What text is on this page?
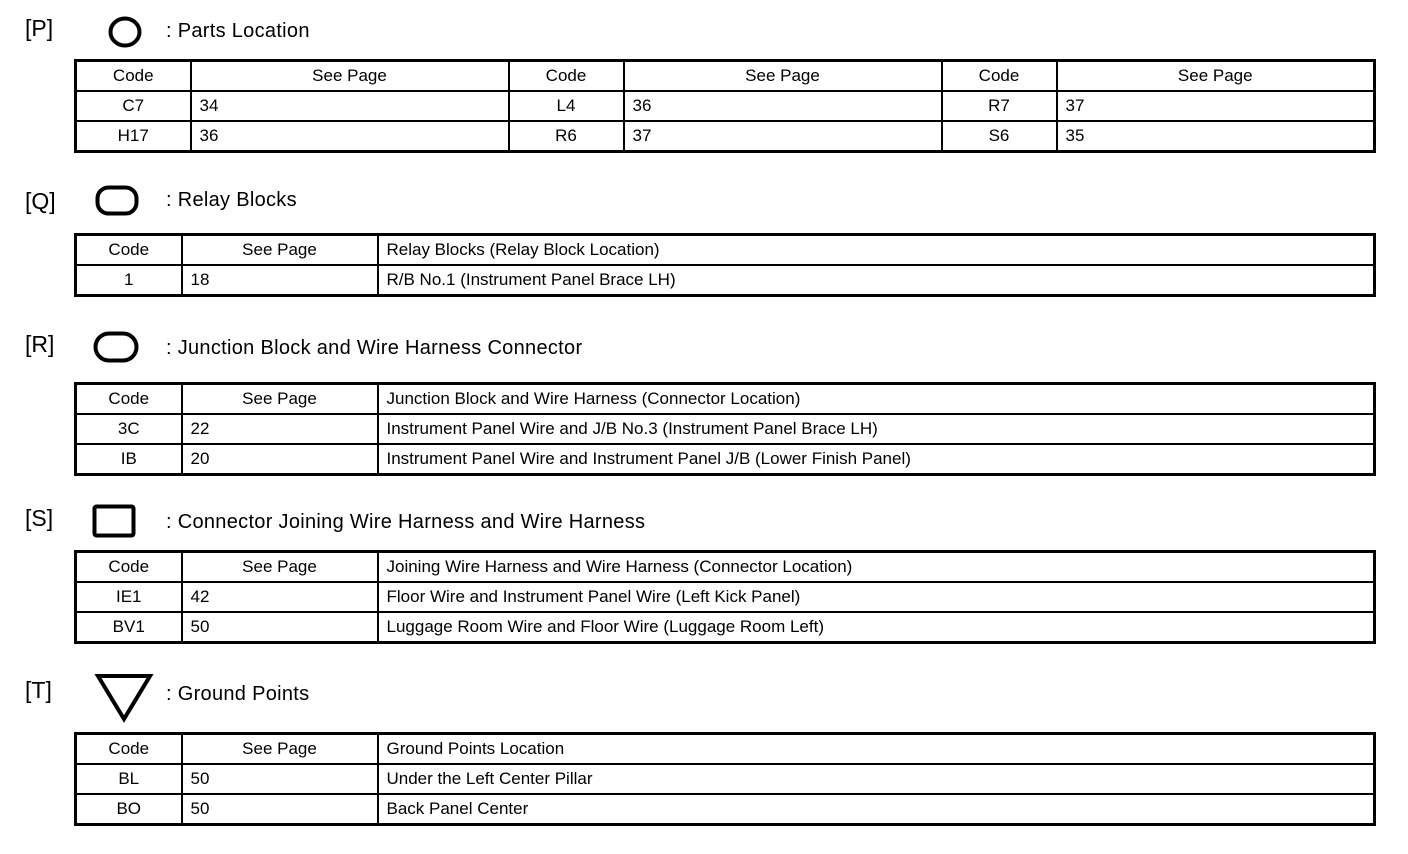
[P]	: Parts Location
Code	See Page	Code	See Page	Code	See Page
C7	34	L4	36	R7	37
H17	36	R6	37	S6	35
[Q]	: Relay Blocks
Code	See Page	Relay Blocks (Relay Block Location)
1	18	R/B No.1 (Instrument Panel Brace LH)
[R]	: Junction Block and Wire Harness Connector
Code	See Page	Junction Block and Wire Harness (Connector Location)
3C	22	Instrument Panel Wire and J/B No.3 (Instrument Panel Brace LH)
IB	20	Instrument Panel Wire and Instrument Panel J/B (Lower Finish Panel)
[S]	: Connector Joining Wire Harness and Wire Harness
Code	See Page	Joining Wire Harness and Wire Harness (Connector Location)
IE1	42	Floor Wire and Instrument Panel Wire (Left Kick Panel)
BV1	50	Luggage Room Wire and Floor Wire (Luggage Room Left)
[T]	: Ground Points
Code	See Page	Ground Points Location
BL	50	Under the Left Center Pillar
BO	50	Back Panel Center
